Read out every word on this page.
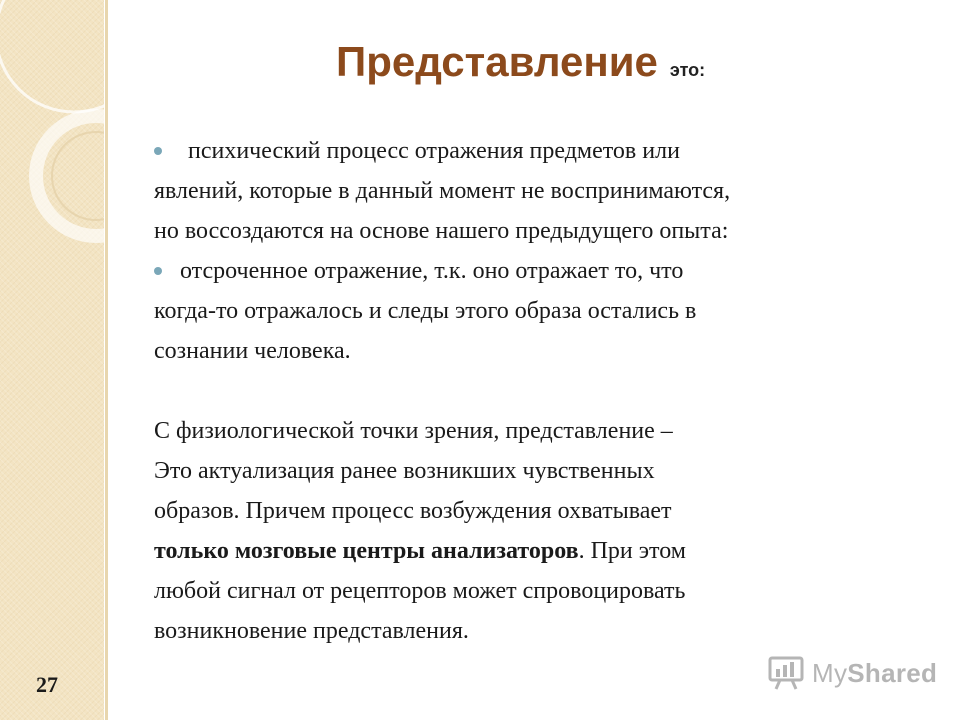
Представление это:
психический процесс отражения предметов или
явлений, которые в данный момент не воспринимаются,
но воссоздаются на основе нашего предыдущего опыта:
отсроченное отражение, т.к. оно отражает то, что
когда-то отражалось и следы этого образа остались в
сознании человека.
С физиологической точки зрения, представление –
Это актуализация ранее возникших чувственных
образов. Причем процесс возбуждения охватывает
только мозговые центры анализаторов. При этом
любой сигнал от рецепторов может спровоцировать
возникновение представления.
27	MyShared
